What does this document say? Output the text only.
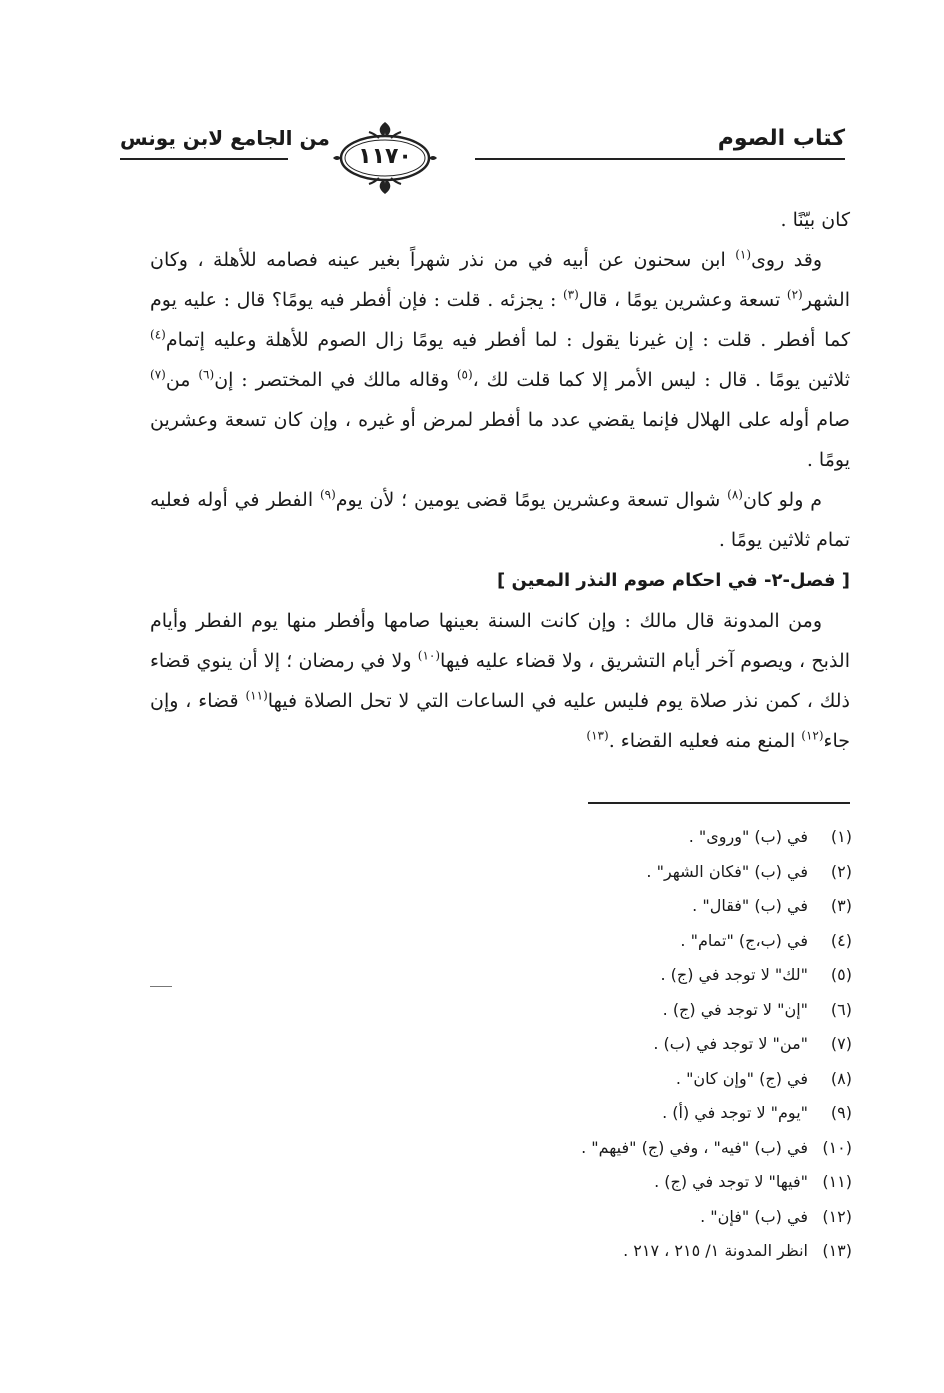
من الجامع لابن يونس	كتاب الصوم
١١٧٠

كان بيّنًا .

وقد روى$^{(١)}$ ابن سحنون عن أبيه في من نذر شهراً بغير عينه فصامه للأهلة ، وكان الشهر$^{(٢)}$ تسعة وعشرين يومًا ، قال$^{(٣)}$ : يجزئه . قلت : فإن أفطر فيه يومًا؟ قال : عليه يوم كما أفطر . قلت : إن غيرنا يقول : لما أفطر فيه يومًا زال الصوم للأهلة وعليه إتمام$^{(٤)}$ ثلاثين يومًا . قال : ليس الأمر إلا كما قلت لك ،$^{(٥)}$ وقاله مالك في المختصر : إن$^{(٦)}$ من$^{(٧)}$ صام أوله على الهلال فإنما يقضي عدد ما أفطر لمرض أو غيره ، وإن كان تسعة وعشرين يومًا .

م ولو كان$^{(٨)}$ شوال تسعة وعشرين يومًا قضى يومين ؛ لأن يوم$^{(٩)}$ الفطر في أوله فعليه تمام ثلاثين يومًا .

[ فصل-٢- في احكام صوم النذر المعين ]

ومن المدونة قال مالك : وإن كانت السنة بعينها صامها وأفطر منها يوم الفطر وأيام الذبح ، ويصوم آخر أيام التشريق ، ولا قضاء عليه فيها$^{(١٠)}$ ولا في رمضان ؛ إلا أن ينوي قضاء ذلك ، كمن نذر صلاة يوم فليس عليه في الساعات التي لا تحل الصلاة فيها$^{(١١)}$ قضاء ، وإن جاء$^{(١٢)}$ المنع منه فعليه القضاء .$^{(١٣)}$

(١)في (ب) "وروى" .
(٢)في (ب) "فكان الشهر" .
(٣)في (ب) "فقال" .
(٤)في (ب،ج) "تمام" .
(٥)"لك" لا توجد في (ج) .
(٦)"إن" لا توجد في (ج) .
(٧)"من" لا توجد في (ب) .
(٨)في (ج) "وإن كان" .
(٩)"يوم" لا توجد في (أ) .
(١٠)في (ب) "فيه" ، وفي (ج) "فيهم" .
(١١)"فيها" لا توجد في (ج) .
(١٢)في (ب) "فإن" .
(١٣)انظر المدونة ١/ ٢١٥ ، ٢١٧ .
